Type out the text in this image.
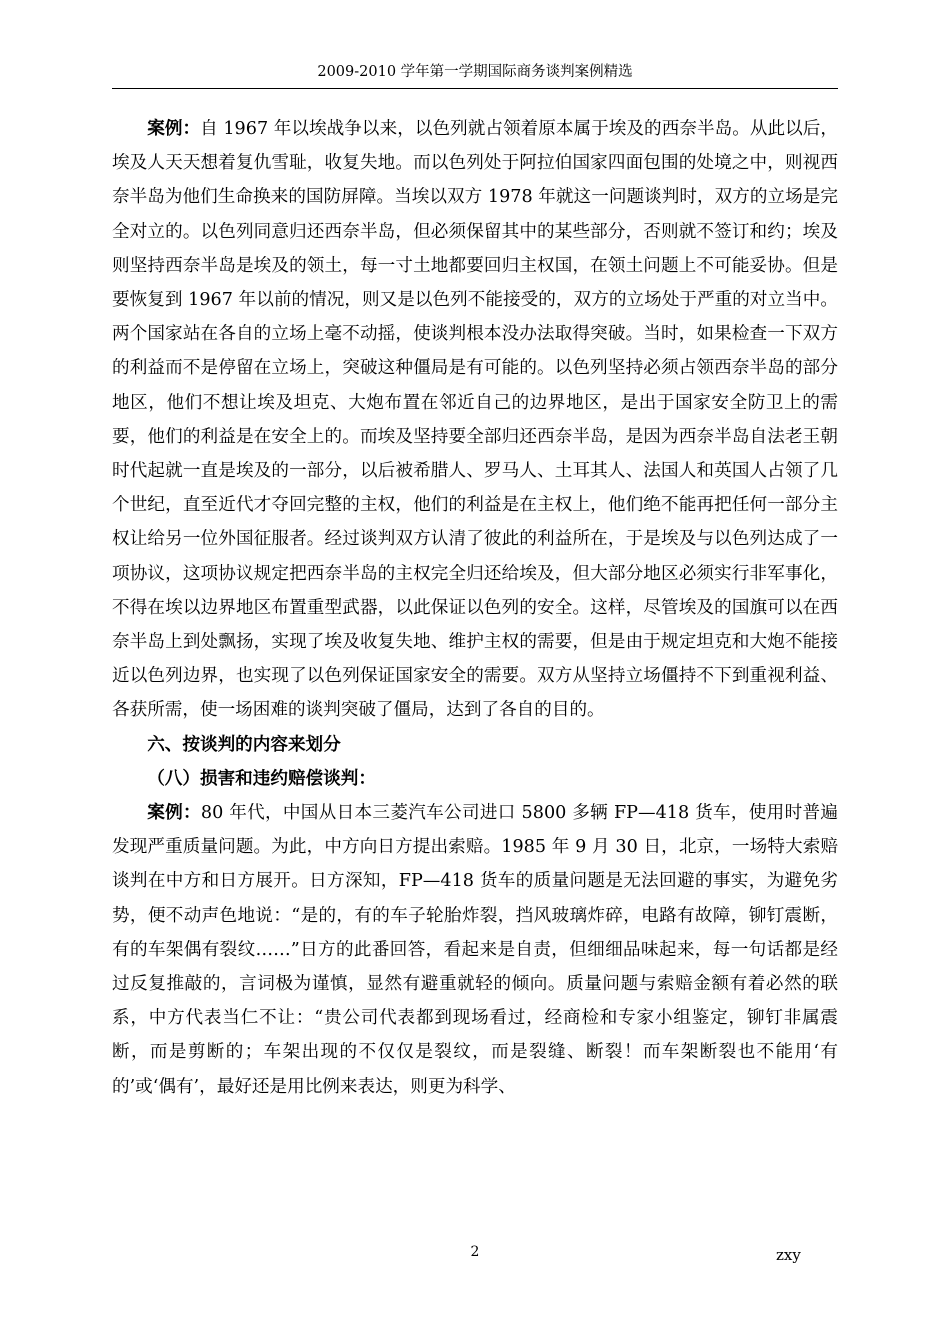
2009-2010 学年第一学期国际商务谈判案例精选

案例：自 1967 年以埃战争以来，以色列就占领着原本属于埃及的西奈半岛。从此以后，埃及人天天想着复仇雪耻，收复失地。而以色列处于阿拉伯国家四面包围的处境之中，则视西奈半岛为他们生命换来的国防屏障。当埃以双方 1978 年就这一问题谈判时，双方的立场是完全对立的。以色列同意归还西奈半岛，但必须保留其中的某些部分，否则就不签订和约；埃及则坚持西奈半岛是埃及的领土，每一寸土地都要回归主权国，在领土问题上不可能妥协。但是要恢复到 1967 年以前的情况，则又是以色列不能接受的，双方的立场处于严重的对立当中。两个国家站在各自的立场上毫不动摇，使谈判根本没办法取得突破。当时，如果检查一下双方的利益而不是停留在立场上，突破这种僵局是有可能的。以色列坚持必须占领西奈半岛的部分地区，他们不想让埃及坦克、大炮布置在邻近自己的边界地区，是出于国家安全防卫上的需要，他们的利益是在安全上的。而埃及坚持要全部归还西奈半岛，是因为西奈半岛自法老王朝时代起就一直是埃及的一部分，以后被希腊人、罗马人、土耳其人、法国人和英国人占领了几个世纪，直至近代才夺回完整的主权，他们的利益是在主权上，他们绝不能再把任何一部分主权让给另一位外国征服者。经过谈判双方认清了彼此的利益所在，于是埃及与以色列达成了一项协议，这项协议规定把西奈半岛的主权完全归还给埃及，但大部分地区必须实行非军事化，不得在埃以边界地区布置重型武器，以此保证以色列的安全。这样，尽管埃及的国旗可以在西奈半岛上到处飘扬，实现了埃及收复失地、维护主权的需要，但是由于规定坦克和大炮不能接近以色列边界，也实现了以色列保证国家安全的需要。双方从坚持立场僵持不下到重视利益、各获所需，使一场困难的谈判突破了僵局，达到了各自的目的。

六、按谈判的内容来划分

（八）损害和违约赔偿谈判：

案例：80 年代，中国从日本三菱汽车公司进口 5800 多辆 FP—418 货车，使用时普遍发现严重质量问题。为此，中方向日方提出索赔。1985 年 9 月 30 日，北京，一场特大索赔谈判在中方和日方展开。日方深知，FP—418 货车的质量问题是无法回避的事实，为避免劣势，便不动声色地说：“是的，有的车子轮胎炸裂，挡风玻璃炸碎，电路有故障，铆钉震断，有的车架偶有裂纹……”日方的此番回答，看起来是自责，但细细品味起来，每一句话都是经过反复推敲的，言词极为谨慎，显然有避重就轻的倾向。质量问题与索赔金额有着必然的联系，中方代表当仁不让：“贵公司代表都到现场看过，经商检和专家小组鉴定，铆钉非属震断，而是剪断的；车架出现的不仅仅是裂纹，而是裂缝、断裂！而车架断裂也不能用‘有的’或‘偶有’，最好还是用比例来表达，则更为科学、

2	zxy
